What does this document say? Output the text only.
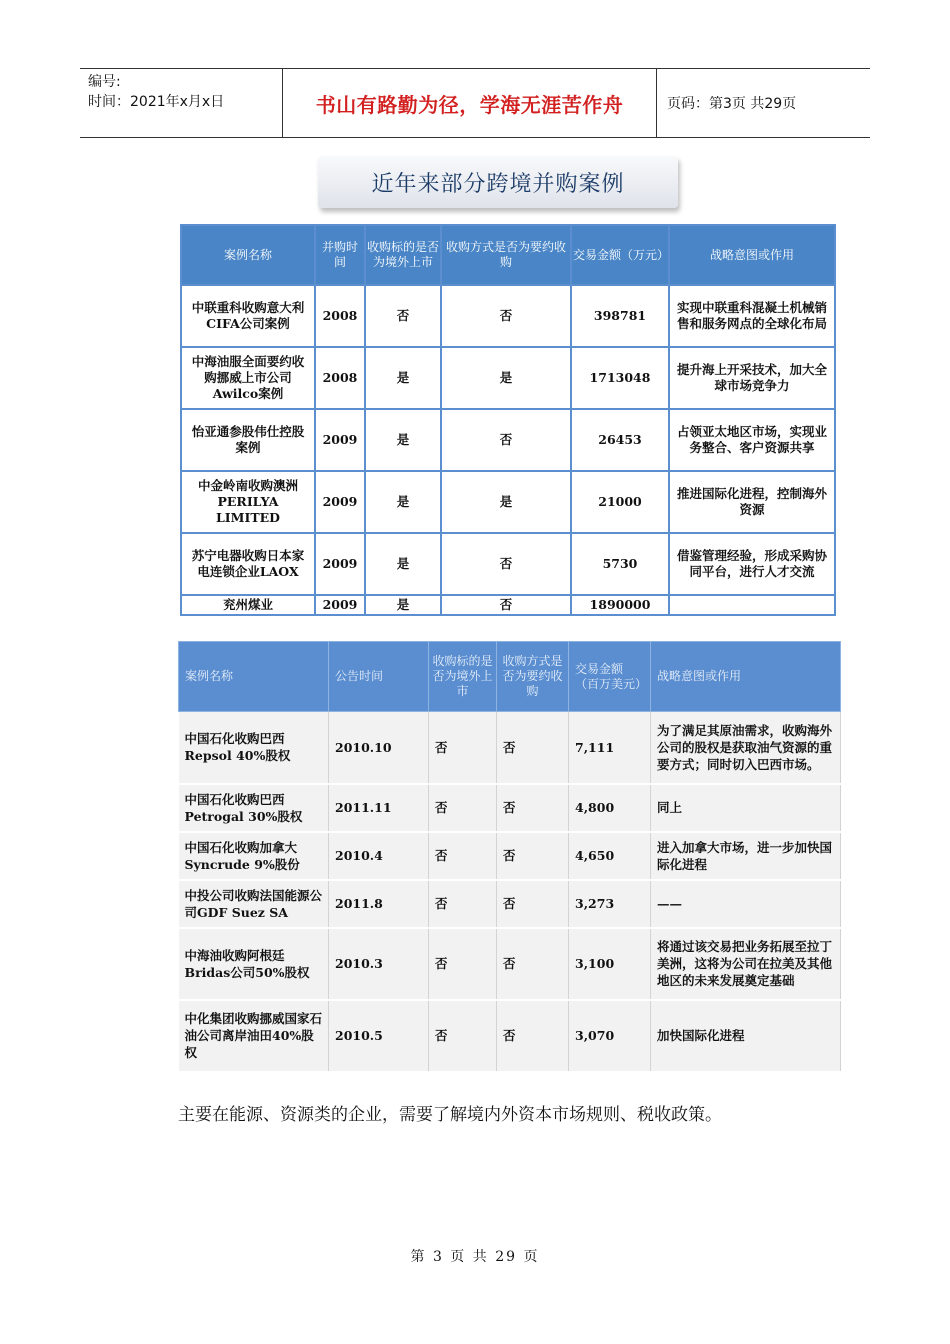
编号:
时间：2021年x月x日	书山有路勤为径，学海无涯苦作舟	页码：第3页 共29页
近年来部分跨境并购案例
案例名称	并购时间	收购标的是否为境外上市	收购方式是否为要约收购	交易金额（万元）	战略意图或作用
中联重科收购意大利CIFA公司案例	2008	否	否	398781	实现中联重科混凝土机械销售和服务网点的全球化布局
中海油服全面要约收购挪威上市公司Awilco案例	2008	是	是	1713048	提升海上开采技术，加大全球市场竞争力
怡亚通参股伟仕控股案例	2009	是	否	26453	占领亚太地区市场，实现业务整合、客户资源共享
中金岭南收购澳洲PERILYA LIMITED	2009	是	是	21000	推进国际化进程，控制海外资源
苏宁电器收购日本家电连锁企业LAOX	2009	是	否	5730	借鉴管理经验，形成采购协同平台，进行人才交流
兖州煤业	2009	是	否	1890000	
案例名称	公告时间	收购标的是否为境外上市	收购方式是否为要约收购	交易金额（百万美元）	战略意图或作用
中国石化收购巴西Repsol 40%股权	2010.10	否	否	7,111	为了满足其原油需求，收购海外公司的股权是获取油气资源的重要方式；同时切入巴西市场。
中国石化收购巴西Petrogal 30%股权	2011.11	否	否	4,800	同上
中国石化收购加拿大Syncrude 9%股份	2010.4	否	否	4,650	进入加拿大市场，进一步加快国际化进程
中投公司收购法国能源公司GDF Suez SA	2011.8	否	否	3,273	——
中海油收购阿根廷Bridas公司50%股权	2010.3	否	否	3,100	将通过该交易把业务拓展至拉丁美洲，这将为公司在拉美及其他地区的未来发展奠定基础
中化集团收购挪威国家石油公司离岸油田40%股权	2010.5	否	否	3,070	加快国际化进程
主要在能源、资源类的企业，需要了解境内外资本市场规则、税收政策。
第 3 页 共 29 页
